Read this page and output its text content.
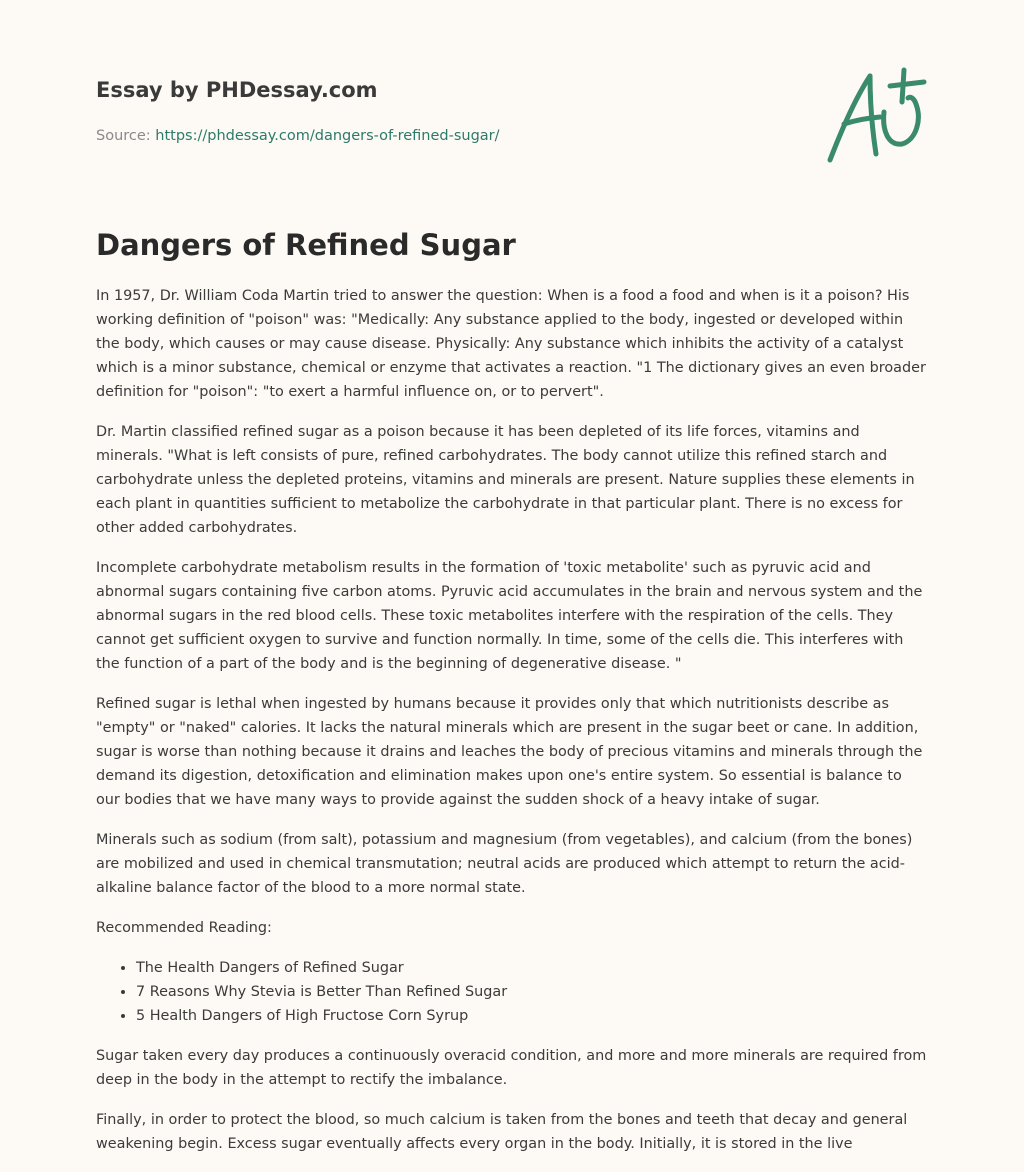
Essay by PHDessay.com
Source: https://phdessay.com/dangers-of-refined-sugar/
Dangers of Refined Sugar

In 1957, Dr. William Coda Martin tried to answer the question: When is a food a food and when is it a poison? His working definition of "poison" was: "Medically: Any substance applied to the body, ingested or developed within the body, which causes or may cause disease. Physically: Any substance which inhibits the activity of a catalyst which is a minor substance, chemical or enzyme that activates a reaction. "1 The dictionary gives an even broader definition for "poison": "to exert a harmful influence on, or to pervert".

Dr. Martin classified refined sugar as a poison because it has been depleted of its life forces, vitamins and minerals. "What is left consists of pure, refined carbohydrates. The body cannot utilize this refined starch and carbohydrate unless the depleted proteins, vitamins and minerals are present. Nature supplies these elements in each plant in quantities sufficient to metabolize the carbohydrate in that particular plant. There is no excess for other added carbohydrates.

Incomplete carbohydrate metabolism results in the formation of 'toxic metabolite' such as pyruvic acid and abnormal sugars containing five carbon atoms. Pyruvic acid accumulates in the brain and nervous system and the abnormal sugars in the red blood cells. These toxic metabolites interfere with the respiration of the cells. They cannot get sufficient oxygen to survive and function normally. In time, some of the cells die. This interferes with the function of a part of the body and is the beginning of degenerative disease. "

Refined sugar is lethal when ingested by humans because it provides only that which nutritionists describe as "empty" or "naked" calories. It lacks the natural minerals which are present in the sugar beet or cane. In addition, sugar is worse than nothing because it drains and leaches the body of precious vitamins and minerals through the demand its digestion, detoxification and elimination makes upon one's entire system. So essential is balance to our bodies that we have many ways to provide against the sudden shock of a heavy intake of sugar.

Minerals such as sodium (from salt), potassium and magnesium (from vegetables), and calcium (from the bones) are mobilized and used in chemical transmutation; neutral acids are produced which attempt to return the acid-alkaline balance factor of the blood to a more normal state.

Recommended Reading:

• The Health Dangers of Refined Sugar
• 7 Reasons Why Stevia is Better Than Refined Sugar
• 5 Health Dangers of High Fructose Corn Syrup

Sugar taken every day produces a continuously overacid condition, and more and more minerals are required from deep in the body in the attempt to rectify the imbalance.

Finally, in order to protect the blood, so much calcium is taken from the bones and teeth that decay and general weakening begin. Excess sugar eventually affects every organ in the body. Initially, it is stored in the live
